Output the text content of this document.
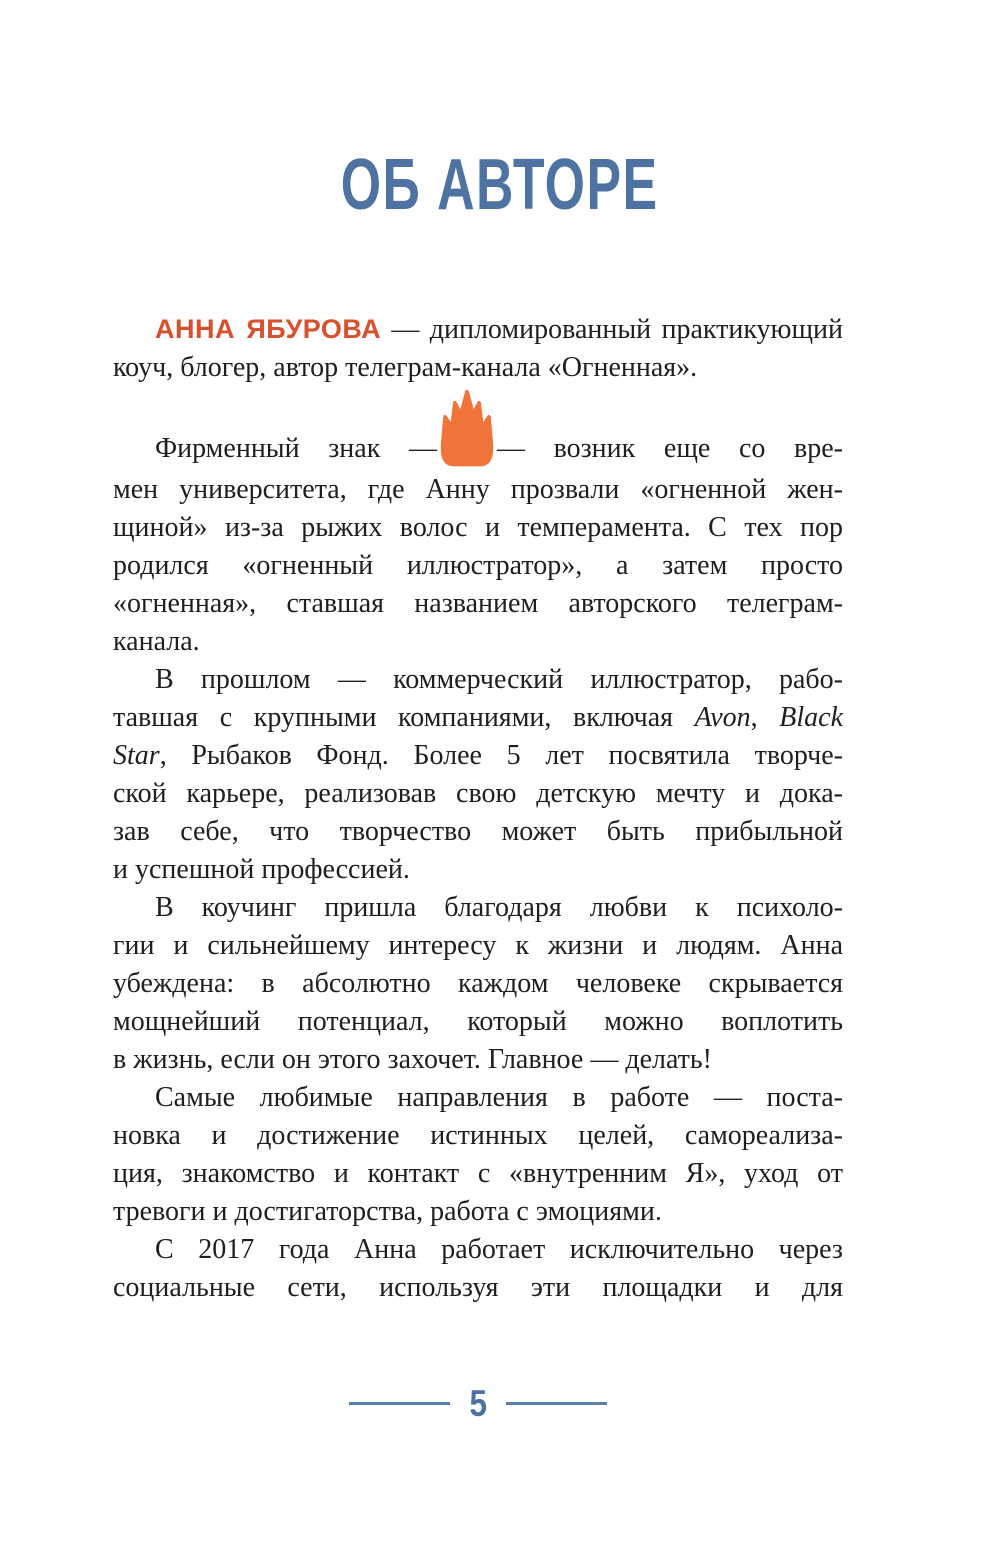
ОБ АВТОРЕ
АННА ЯБУРОВА — дипломированный практикующий
коуч, блогер, автор телеграм-канала «Огненная».
Фирменный знак — — возник еще со вре-
мен университета, где Анну прозвали «огненной жен-
щиной» из-за рыжих волос и темперамента. С тех пор
родился «огненный иллюстратор», а затем просто
«огненная», ставшая названием авторского телеграм-
канала.
В прошлом — коммерческий иллюстратор, рабо-
тавшая с крупными компаниями, включая Avon, Black
Star, Рыбаков Фонд. Более 5 лет посвятила творче-
ской карьере, реализовав свою детскую мечту и дока-
зав себе, что творчество может быть прибыльной
и успешной профессией.
В коучинг пришла благодаря любви к психоло-
гии и сильнейшему интересу к жизни и людям. Анна
убеждена: в абсолютно каждом человеке скрывается
мощнейший потенциал, который можно воплотить
в жизнь, если он этого захочет. Главное — делать!
Самые любимые направления в работе — поста-
новка и достижение истинных целей, самореализа-
ция, знакомство и контакт с «внутренним Я», уход от
тревоги и достигаторства, работа с эмоциями.
С 2017 года Анна работает исключительно через
социальные сети, используя эти площадки и для
5
